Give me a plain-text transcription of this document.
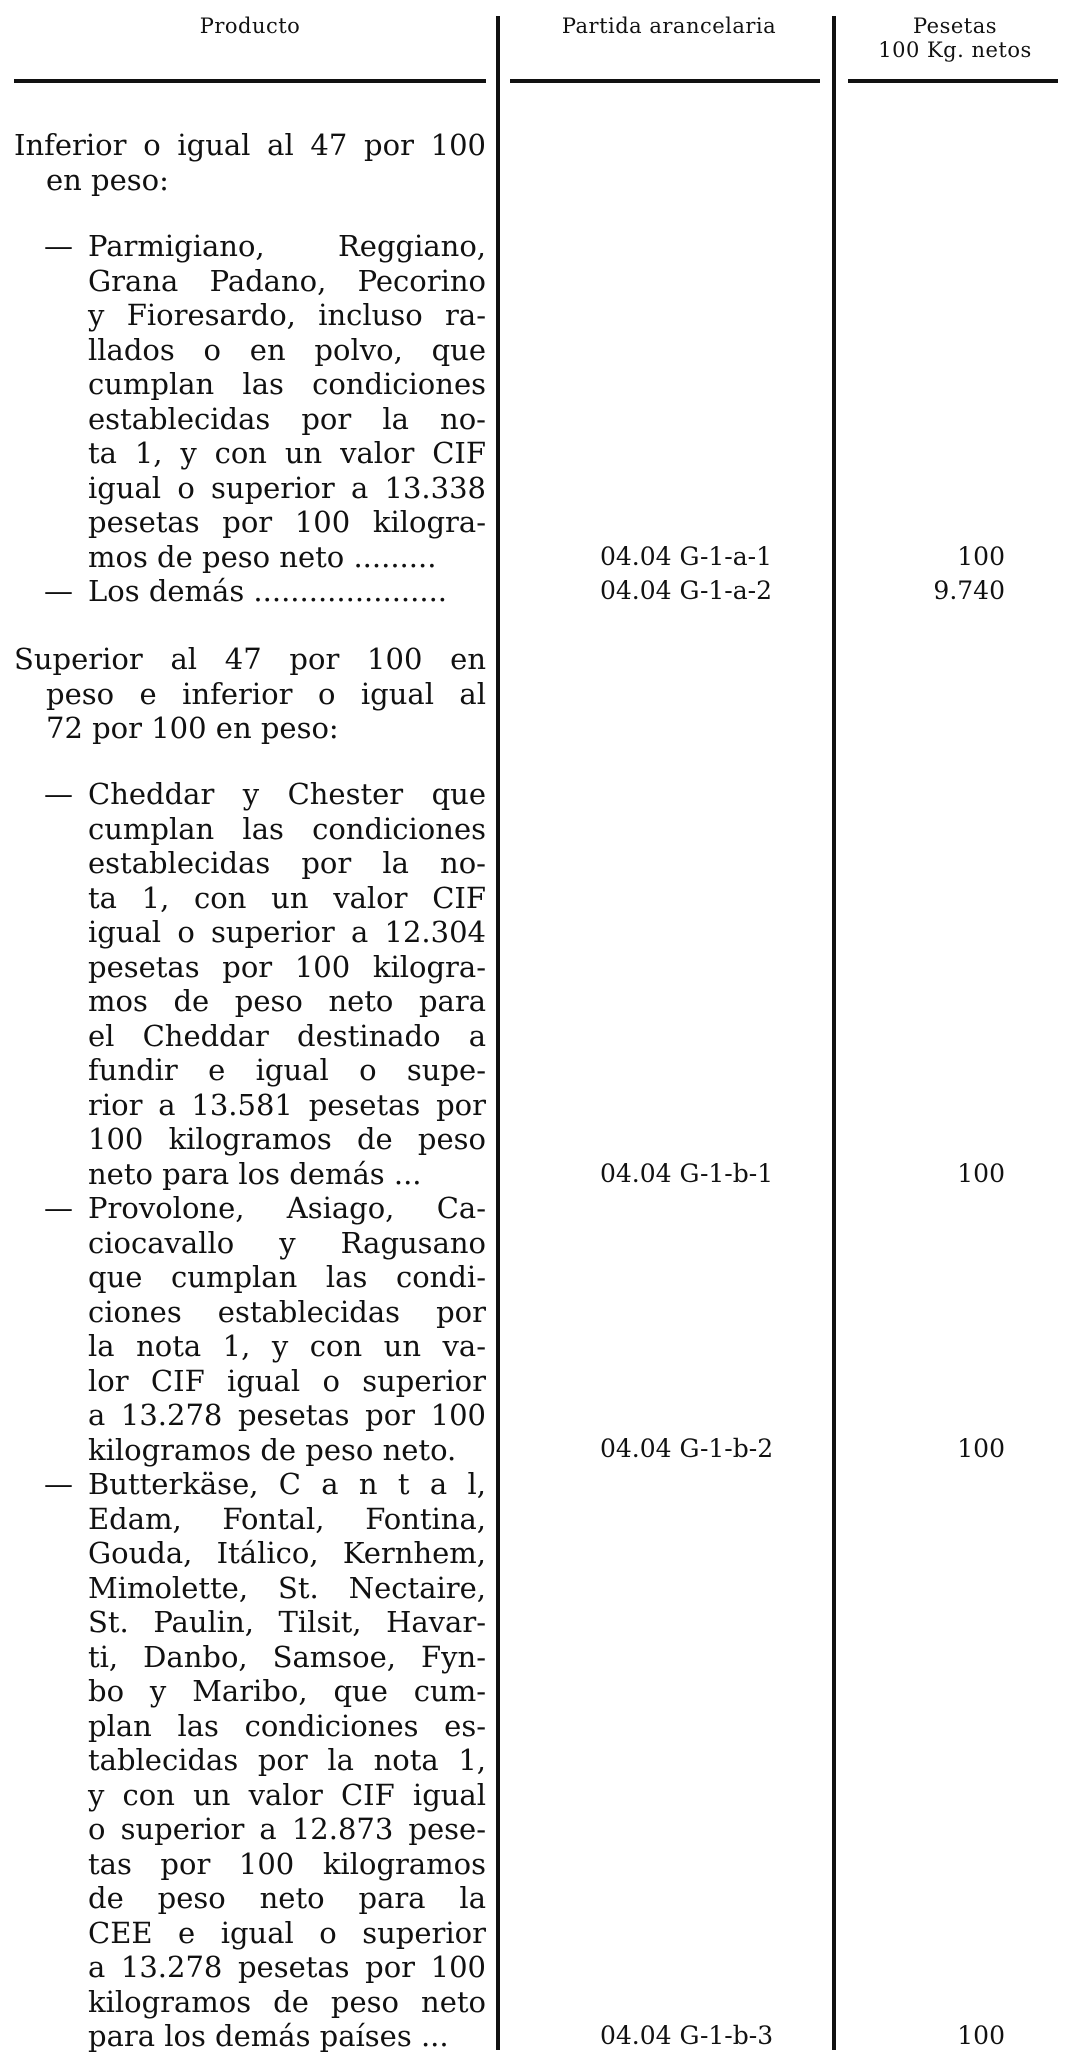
Producto	Partida arancelaria	Pesetas
100 Kg. netos
Inferior o igual al 47 por 100
en peso:
— Parmigiano, Reggiano,
Grana Padano, Pecorino
y Fioresardo, incluso ra-
llados o en polvo, que
cumplan las condiciones
establecidas por la no-
ta 1, y con un valor CIF
igual o superior a 13.338
pesetas por 100 kilogra-
mos de peso neto .........	04.04 G-1-a-1	100
— Los demás .....................	04.04 G-1-a-2	9.740
Superior al 47 por 100 en
peso e inferior o igual al
72 por 100 en peso:
— Cheddar y Chester que
cumplan las condiciones
establecidas por la no-
ta 1, con un valor CIF
igual o superior a 12.304
pesetas por 100 kilogra-
mos de peso neto para
el Cheddar destinado a
fundir e igual o supe-
rior a 13.581 pesetas por
100 kilogramos de peso
neto para los demás ...	04.04 G-1-b-1	100
— Provolone, Asiago, Ca-
ciocavallo y Ragusano
que cumplan las condi-
ciones establecidas por
la nota 1, y con un va-
lor CIF igual o superior
a 13.278 pesetas por 100
kilogramos de peso neto.	04.04 G-1-b-2	100
— Butterkäse, C a n t a l,
Edam, Fontal, Fontina,
Gouda, Itálico, Kernhem,
Mimolette, St. Nectaire,
St. Paulin, Tilsit, Havar-
ti, Danbo, Samsoe, Fyn-
bo y Maribo, que cum-
plan las condiciones es-
tablecidas por la nota 1,
y con un valor CIF igual
o superior a 12.873 pese-
tas por 100 kilogramos
de peso neto para la
CEE e igual o superior
a 13.278 pesetas por 100
kilogramos de peso neto
para los demás países ...	04.04 G-1-b-3	100
